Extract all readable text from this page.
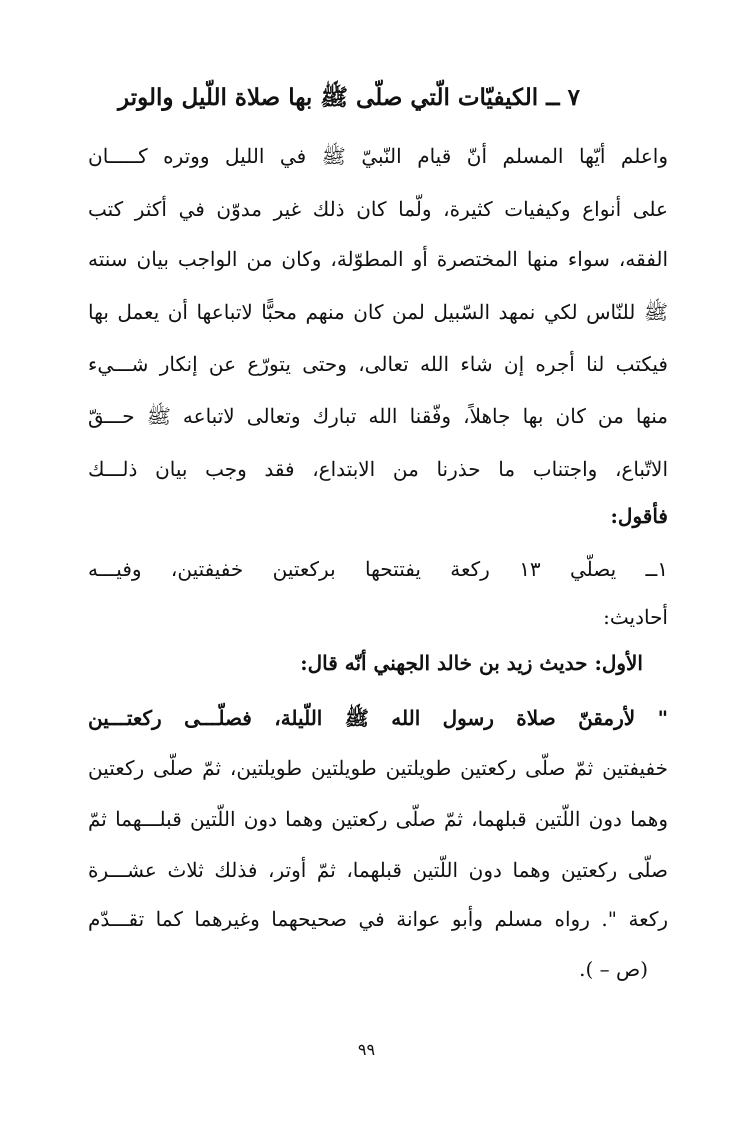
٧ ــ الكيفيّات الّتي صلّى ﷺ بها صلاة اللّيل والوتر
واعلم أيّها المسلم أنّ قيام النّبيّ ﷺ في الليل ووتره كـــــان
على أنواع وكيفيات كثيرة، ولّما كان ذلك غير مدوّن في أكثر كتب
الفقه، سواء منها المختصرة أو المطوّلة، وكان من الواجب بيان سنته
ﷺ للنّاس لكي نمهد السّبيل لمن كان منهم محبًّا لاتباعها أن يعمل بها
فيكتب لنا أجره إن شاء الله تعالى، وحتى يتورّع عن إنكار شـــيء
منها من كان بها جاهلاً، وفّقنا الله تبارك وتعالى لاتباعه ﷺ حـــقّ
الاتّباع، واجتناب ما حذرنا من الابتداع، فقد وجب بيان ذلـــك
فأقول:
١ــ يصلّي ١٣ ركعة يفتتحها بركعتين خفيفتين، وفيـــه
أحاديث:
الأول: حديث زيد بن خالد الجهني أنّه قال:
" لأرمقنّ صلاة رسول الله ﷺ اللّيلة، فصلّـــى ركعتـــين
خفيفتين ثمّ صلّى ركعتين طويلتين طويلتين طويلتين، ثمّ صلّى ركعتين
وهما دون اللّتين قبلهما، ثمّ صلّى ركعتين وهما دون اللّتين قبلـــهما ثمّ
صلّى ركعتين وهما دون اللّتين قبلهما، ثمّ أوتر، فذلك ثلاث عشـــرة
ركعة ". رواه مسلم وأبو عوانة في صحيحهما وغيرهما كما تقـــدّم
(ص – ).
٩٩
